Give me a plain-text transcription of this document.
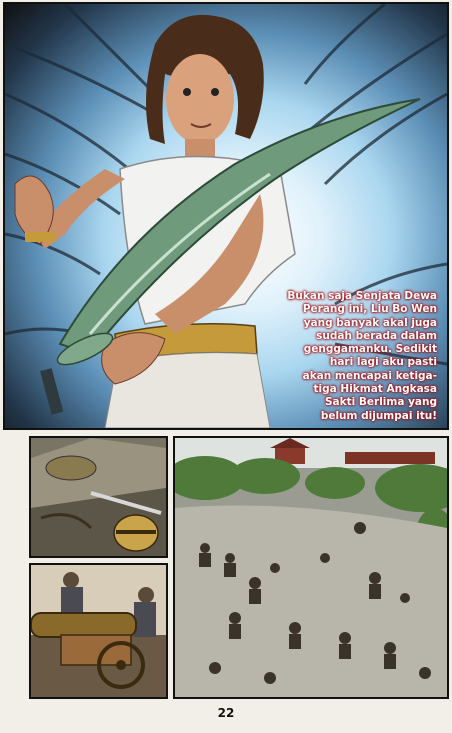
Bukan saja Senjata Dewa
Perang ini, Liu Bo Wen
yang banyak akal juga
sudah berada dalam
genggamanku. Sedikit
hari lagi aku pasti
akan mencapai ketiga-
tiga Hikmat Angkasa
Sakti Berlima yang
belum dijumpai itu!
22
